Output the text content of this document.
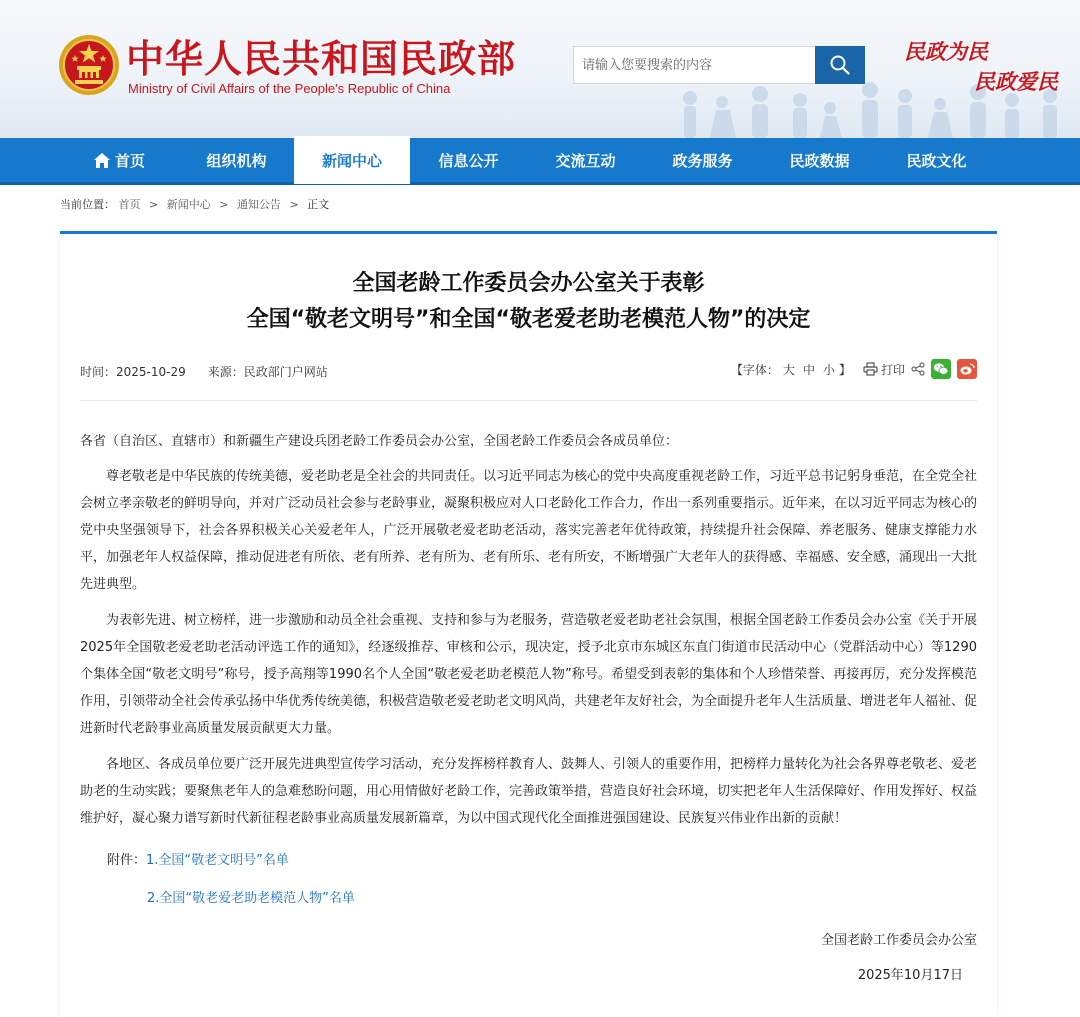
中华人民共和国民政部
Ministry of Civil Affairs of the People's Republic of China
请输入您要搜索的内容
民政为民
民政爱民
首页	组织机构	新闻中心	信息公开	交流互动	政务服务	民政数据	民政文化
当前位置： 首页 > 新闻中心 > 通知公告 > 正文
全国老龄工作委员会办公室关于表彰
全国“敬老文明号”和全国“敬老爱老助老模范人物”的决定
时间：2025-10-29 来源：民政部门户网站	【字体： 大 中 小 】	打印
各省（自治区、直辖市）和新疆生产建设兵团老龄工作委员会办公室，全国老龄工作委员会各成员单位：
尊老敬老是中华民族的传统美德，爱老助老是全社会的共同责任。以习近平同志为核心的党中央高度重视老龄工作，习近平总书记躬身垂范，在全党全社会树立孝亲敬老的鲜明导向，并对广泛动员社会参与老龄事业，凝聚积极应对人口老龄化工作合力，作出一系列重要指示。近年来，在以习近平同志为核心的党中央坚强领导下，社会各界积极关心关爱老年人，广泛开展敬老爱老助老活动，落实完善老年优待政策，持续提升社会保障、养老服务、健康支撑能力水平，加强老年人权益保障，推动促进老有所依、老有所养、老有所为、老有所乐、老有所安，不断增强广大老年人的获得感、幸福感、安全感，涌现出一大批先进典型。
为表彰先进、树立榜样，进一步激励和动员全社会重视、支持和参与为老服务，营造敬老爱老助老社会氛围，根据全国老龄工作委员会办公室《关于开展2025年全国敬老爱老助老活动评选工作的通知》，经逐级推荐、审核和公示，现决定，授予北京市东城区东直门街道市民活动中心（党群活动中心）等1290个集体全国“敬老文明号”称号，授予高翔等1990名个人全国“敬老爱老助老模范人物”称号。希望受到表彰的集体和个人珍惜荣誉、再接再厉，充分发挥模范作用，引领带动全社会传承弘扬中华优秀传统美德，积极营造敬老爱老助老文明风尚，共建老年友好社会，为全面提升老年人生活质量、增进老年人福祉、促进新时代老龄事业高质量发展贡献更大力量。
各地区、各成员单位要广泛开展先进典型宣传学习活动，充分发挥榜样教育人、鼓舞人、引领人的重要作用，把榜样力量转化为社会各界尊老敬老、爱老助老的生动实践；要聚焦老年人的急难愁盼问题，用心用情做好老龄工作，完善政策举措，营造良好社会环境，切实把老年人生活保障好、作用发挥好、权益维护好，凝心聚力谱写新时代新征程老龄事业高质量发展新篇章，为以中国式现代化全面推进强国建设、民族复兴伟业作出新的贡献！
附件：1.全国“敬老文明号”名单
2.全国“敬老爱老助老模范人物”名单
全国老龄工作委员会办公室
2025年10月17日
